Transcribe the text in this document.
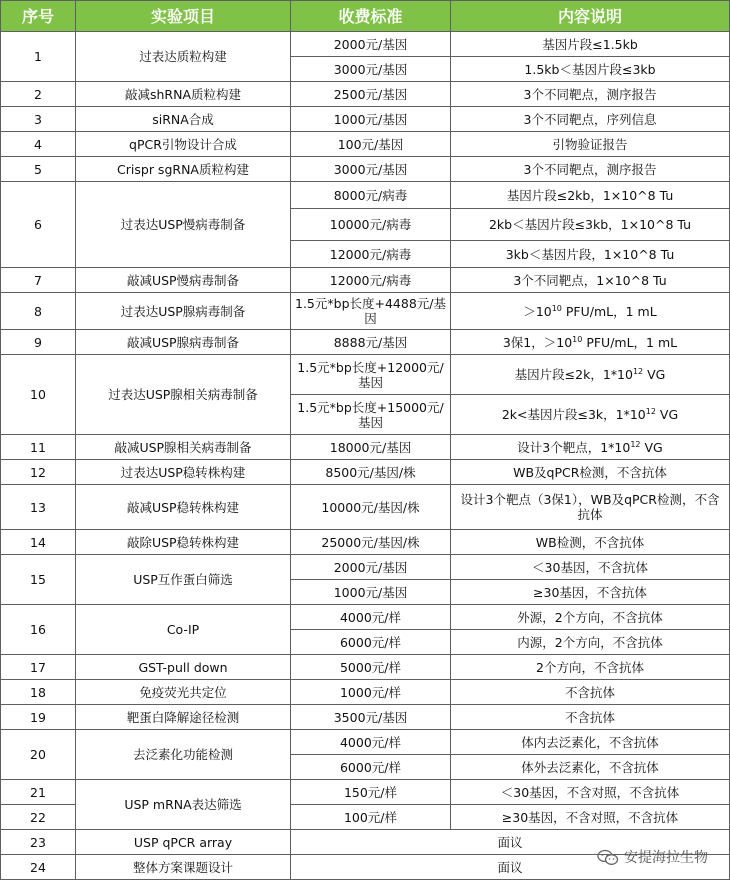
序号	实验项目	收费标准	内容说明
1	过表达质粒构建	2000元/基因	基因片段≤1.5kb
		3000元/基因	1.5kb＜基因片段≤3kb
2	敲减shRNA质粒构建	2500元/基因	3个不同靶点，测序报告
3	siRNA合成	1000元/基因	3个不同靶点，序列信息
4	qPCR引物设计合成	100元/基因	引物验证报告
5	Crispr sgRNA质粒构建	3000元/基因	3个不同靶点，测序报告
6	过表达USP慢病毒制备	8000元/病毒	基因片段≤2kb，1×10^8 Tu
		10000元/病毒	2kb＜基因片段≤3kb，1×10^8 Tu
		12000元/病毒	3kb＜基因片段，1×10^8 Tu
7	敲减USP慢病毒制备	12000元/病毒	3个不同靶点，1×10^8 Tu
8	过表达USP腺病毒制备	1.5元*bp长度+4488元/基因	$>10^{10}$ PFU/mL，1 mL
9	敲减USP腺病毒制备	8888元/基因	3保1，$>10^{10}$ PFU/mL，1 mL
10	过表达USP腺相关病毒制备	1.5元*bp长度+12000元/基因	基因片段≤2k，$1*10^{12}$ VG
		1.5元*bp长度+15000元/基因	2k<基因片段≤3k，$1*10^{12}$ VG
11	敲减USP腺相关病毒制备	18000元/基因	设计3个靶点，$1*10^{12}$ VG
12	过表达USP稳转株构建	8500元/基因/株	WB及qPCR检测，不含抗体
13	敲减USP稳转株构建	10000元/基因/株	设计3个靶点（3保1），WB及qPCR检测，不含抗体
14	敲除USP稳转株构建	25000元/基因/株	WB检测，不含抗体
15	USP互作蛋白筛选	2000元/基因	＜30基因，不含抗体
		1000元/基因	≥30基因，不含抗体
16	Co-IP	4000元/样	外源，2个方向，不含抗体
		6000元/样	内源，2个方向，不含抗体
17	GST-pull down	5000元/样	2个方向，不含抗体
18	免疫荧光共定位	1000元/样	不含抗体
19	靶蛋白降解途径检测	3500元/基因	不含抗体
20	去泛素化功能检测	4000元/样	体内去泛素化，不含抗体
		6000元/样	体外去泛素化，不含抗体
21	USP mRNA表达筛选	150元/样	＜30基因，不含对照，不含抗体
22		100元/样	≥30基因，不含对照，不含抗体
23	USP qPCR array	面议	
24	整体方案课题设计	面议	
安提海拉生物
